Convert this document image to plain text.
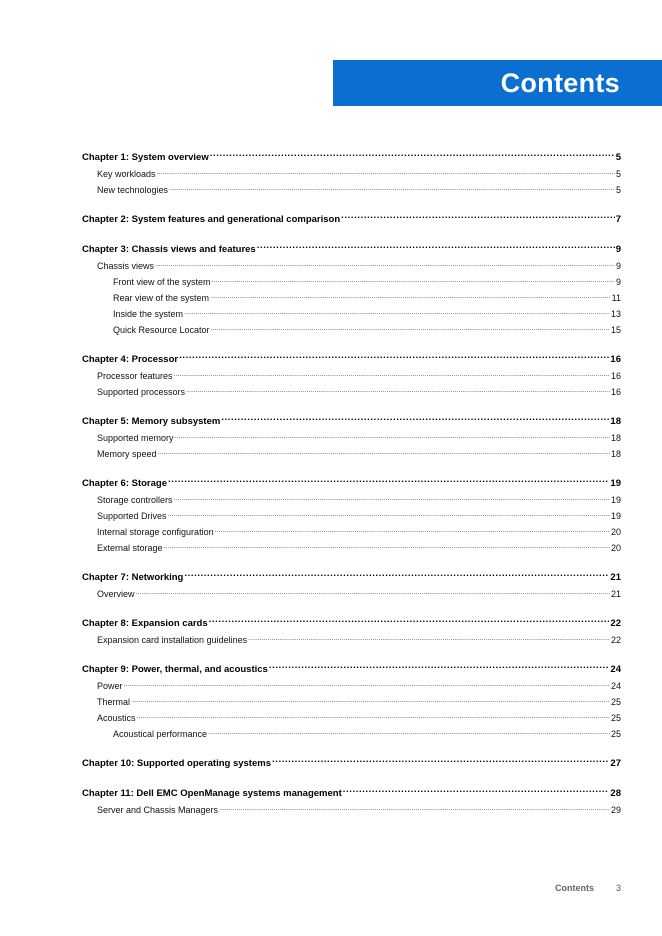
Contents
Chapter 1: System overview .....	5
Key workloads .....	5
New technologies .....	5
Chapter 2: System features and generational comparison .....	7
Chapter 3: Chassis views and features .....	9
Chassis views .....	9
Front view of the system .....	9
Rear view of the system .....	11
Inside the system .....	13
Quick Resource Locator .....	15
Chapter 4: Processor .....	16
Processor features .....	16
Supported processors .....	16
Chapter 5: Memory subsystem .....	18
Supported memory .....	18
Memory speed .....	18
Chapter 6: Storage .....	19
Storage controllers .....	19
Supported Drives .....	19
Internal storage configuration .....	20
External storage .....	20
Chapter 7: Networking .....	21
Overview .....	21
Chapter 8: Expansion cards .....	22
Expansion card installation guidelines .....	22
Chapter 9: Power, thermal, and acoustics .....	24
Power .....	24
Thermal .....	25
Acoustics .....	25
Acoustical performance .....	25
Chapter 10: Supported operating systems .....	27
Chapter 11: Dell EMC OpenManage systems management .....	28
Server and Chassis Managers .....	29
Contents 3
